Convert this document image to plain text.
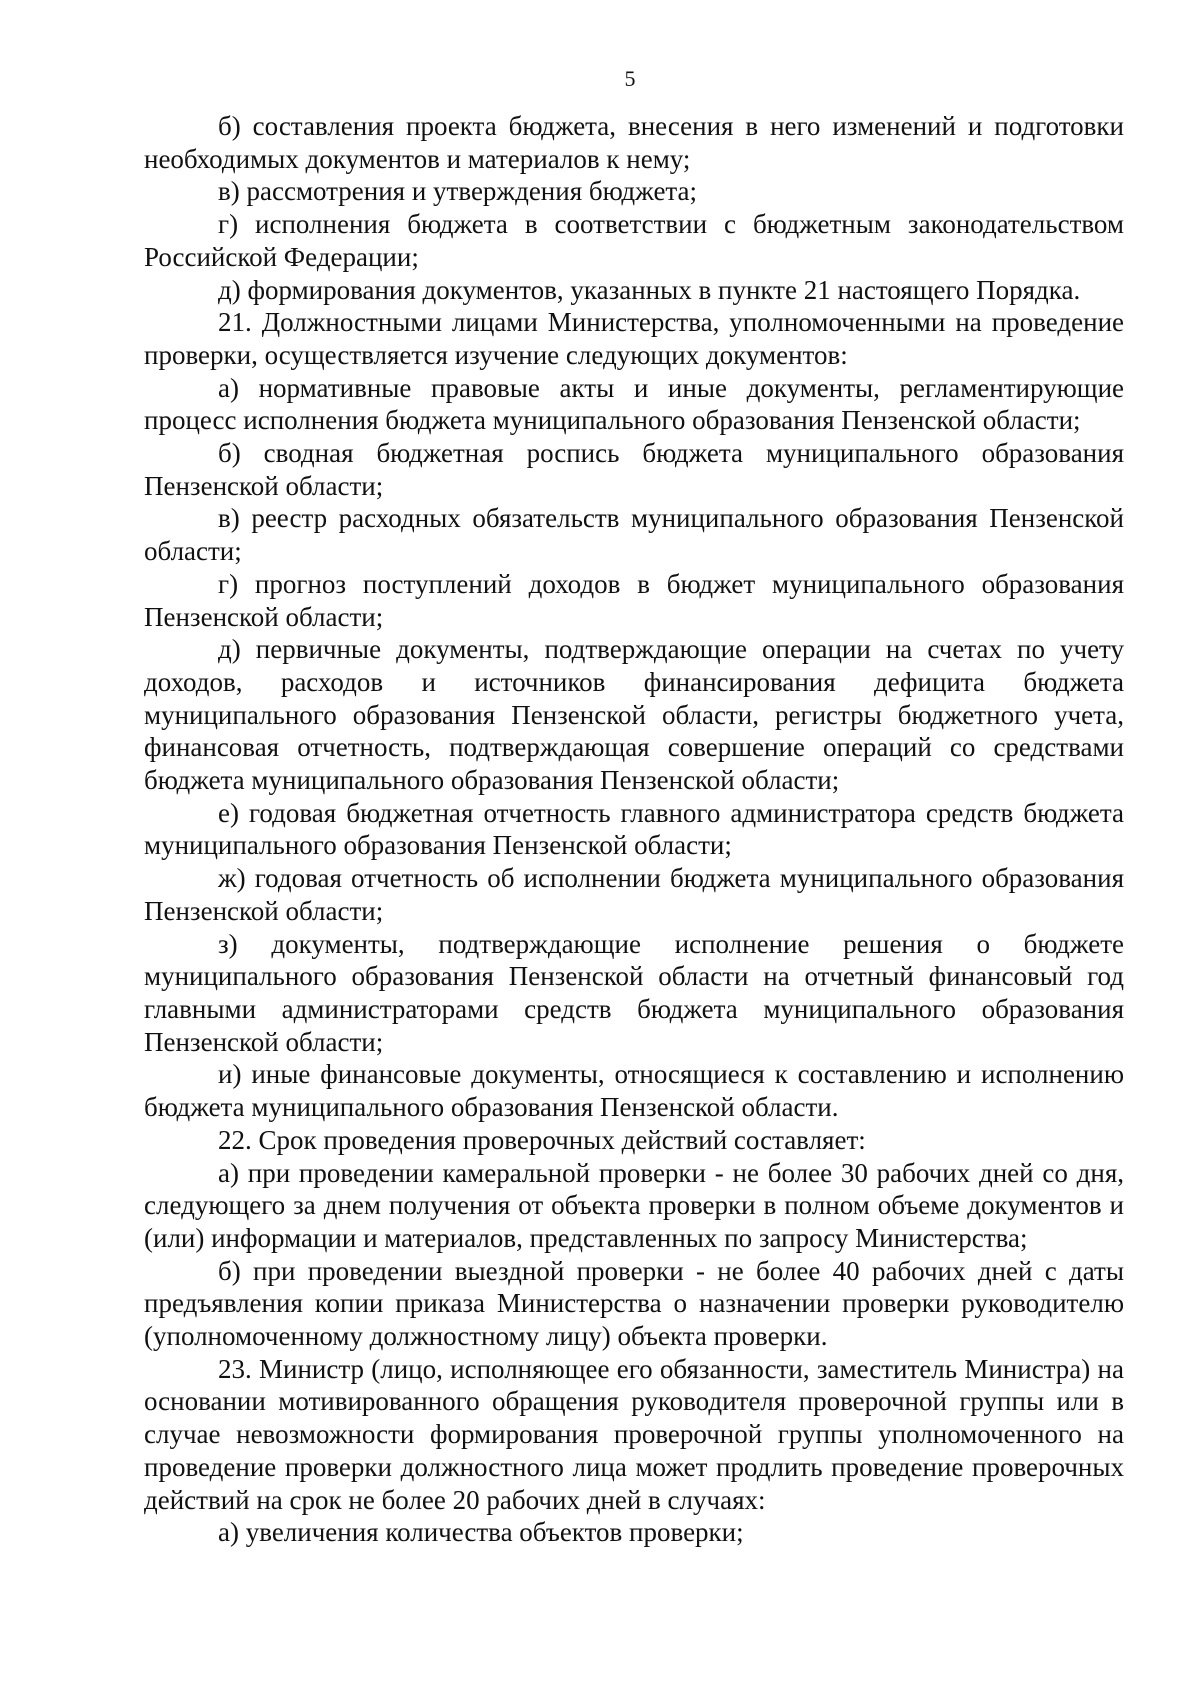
5

б) составления проекта бюджета, внесения в него изменений и подготовки необходимых документов и материалов к нему;

в) рассмотрения и утверждения бюджета;

г) исполнения бюджета в соответствии с бюджетным законодательством Российской Федерации;

д) формирования документов, указанных в пункте 21 настоящего Порядка.

21. Должностными лицами Министерства, уполномоченными на проведение проверки, осуществляется изучение следующих документов:

а) нормативные правовые акты и иные документы, регламентирующие процесс исполнения бюджета муниципального образования Пензенской области;

б) сводная бюджетная роспись бюджета муниципального образования Пензенской области;

в) реестр расходных обязательств муниципального образования Пензенской области;

г) прогноз поступлений доходов в бюджет муниципального образования Пензенской области;

д) первичные документы, подтверждающие операции на счетах по учету доходов, расходов и источников финансирования дефицита бюджета муниципального образования Пензенской области, регистры бюджетного учета, финансовая отчетность, подтверждающая совершение операций со средствами бюджета муниципального образования Пензенской области;

е) годовая бюджетная отчетность главного администратора средств бюджета муниципального образования Пензенской области;

ж) годовая отчетность об исполнении бюджета муниципального образования Пензенской области;

з) документы, подтверждающие исполнение решения о бюджете муниципального образования Пензенской области на отчетный финансовый год главными администраторами средств бюджета муниципального образования Пензенской области;

и) иные финансовые документы, относящиеся к составлению и исполнению бюджета муниципального образования Пензенской области.

22. Срок проведения проверочных действий составляет:

а) при проведении камеральной проверки - не более 30 рабочих дней со дня, следующего за днем получения от объекта проверки в полном объеме документов и (или) информации и материалов, представленных по запросу Министерства;

б) при проведении выездной проверки - не более 40 рабочих дней с даты предъявления копии приказа Министерства о назначении проверки руководителю (уполномоченному должностному лицу) объекта проверки.

23. Министр (лицо, исполняющее его обязанности, заместитель Министра) на основании мотивированного обращения руководителя проверочной группы или в случае невозможности формирования проверочной группы уполномоченного на проведение проверки должностного лица может продлить проведение проверочных действий на срок не более 20 рабочих дней в случаях:

а) увеличения количества объектов проверки;
